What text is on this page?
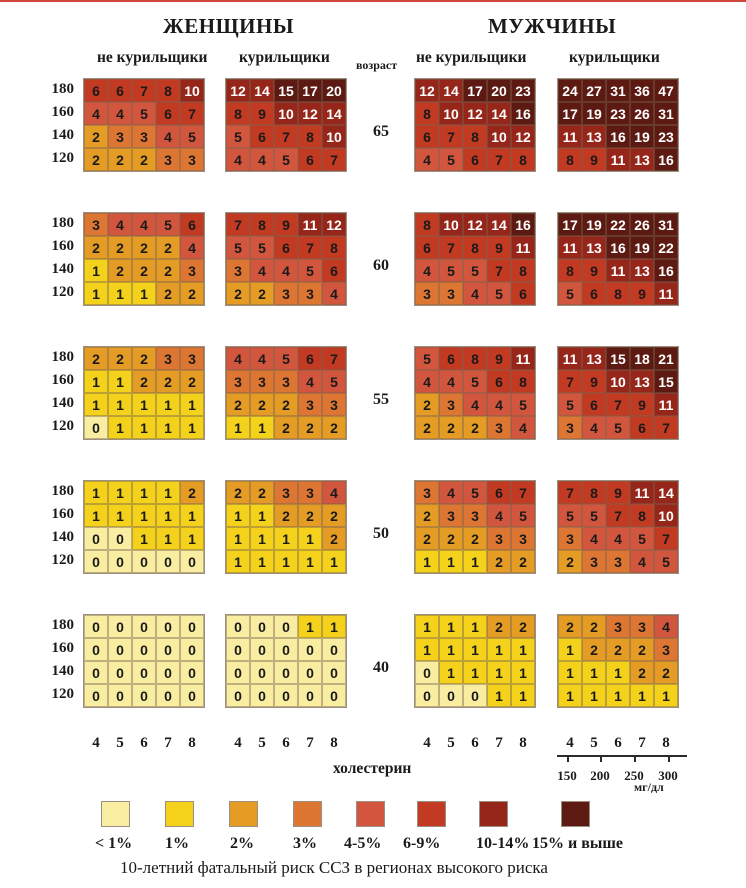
ЖЕНЩИНЫ	МУЖЧИНЫ
не курильщики курильщики возраст не курильщики	курильщики
65
180
160
140
120
6	6	7	8 10
4	4	5	6	7
2	3	3	4	5
2	2	2	3	3
12 14 15 17 20
8	9 10 12 14
5	6	7	8 10
4	4	5	6	7
12 14 17 20 23
8 10 12 14 16
6	7	8 10 12
4	5	6	7	8
24 27 31 36 47
17 19 23 26 31
11 13 16 19 23
8	9 11 13 16
60
180
160
140
120
3	4	4	5	6
2	2	2	2	4
1	2	2	2	3
1	1	1	2	2
7	8	9 11 12
5	5	6	7	8
3	4	4	5	6
2	2	3	3	4
8 10 12 14 16
6	7	8	9 11
4	5	5	7	8
3	3	4	5	6
17 19 22 26 31
11 13 16 19 22
8	9 11 13 16
5	6	8	9 11
55
180
160
140
120
2	2	2	3	3
1	1	2	2	2
1	1	1	1	1
0	1	1	1	1
4	4	5	6	7
3	3	3	4	5
2	2	2	3	3
1	1	2	2	2
5	6	8	9 11
4	4	5	6	8
2	3	4	4	5
2	2	2	3	4
11 13 15 18 21
7	9 10 13 15
5	6	7	9 11
3	4	5	6	7
50
180
160
140
120
1	1	1	1	2
1	1	1	1	1
0	0	1	1	1
0	0	0	0	0
2	2	3	3	4
1	1	2	2	2
1	1	1	1	2
1	1	1	1	1
3	4	5	6	7
2	3	3	4	5
2	2	2	3	3
1	1	1	2	2
7	8	9 11 14
5	5	7	8 10
3	4	4	5	7
2	3	3	4	5
40
180
160
140
120
0	0	0	0	0
0	0	0	0	0
0	0	0	0	0
0	0	0	0	0
0	0	0	1	1
0	0	0	0	0
0	0	0	0	0
0	0	0	0	0
1	1	1	2	2
1	1	1	1	1
0	1	1	1	1
0	0	0	1	1
2	2	3	3	4
1	2	2	2	3
1	1	1	2	2
1	1	1	1	1
4	5	6	7	8	4	5	6	7	8	4	5	6	7	8	4	5	6	7	8
холестерин	150	200	250	300
мг/дл
< 1% 1%	2% 3% 4-5% 6-9% 10-14% 15% и выше
10-летний фатальный риск ССЗ в регионах высокого риска
